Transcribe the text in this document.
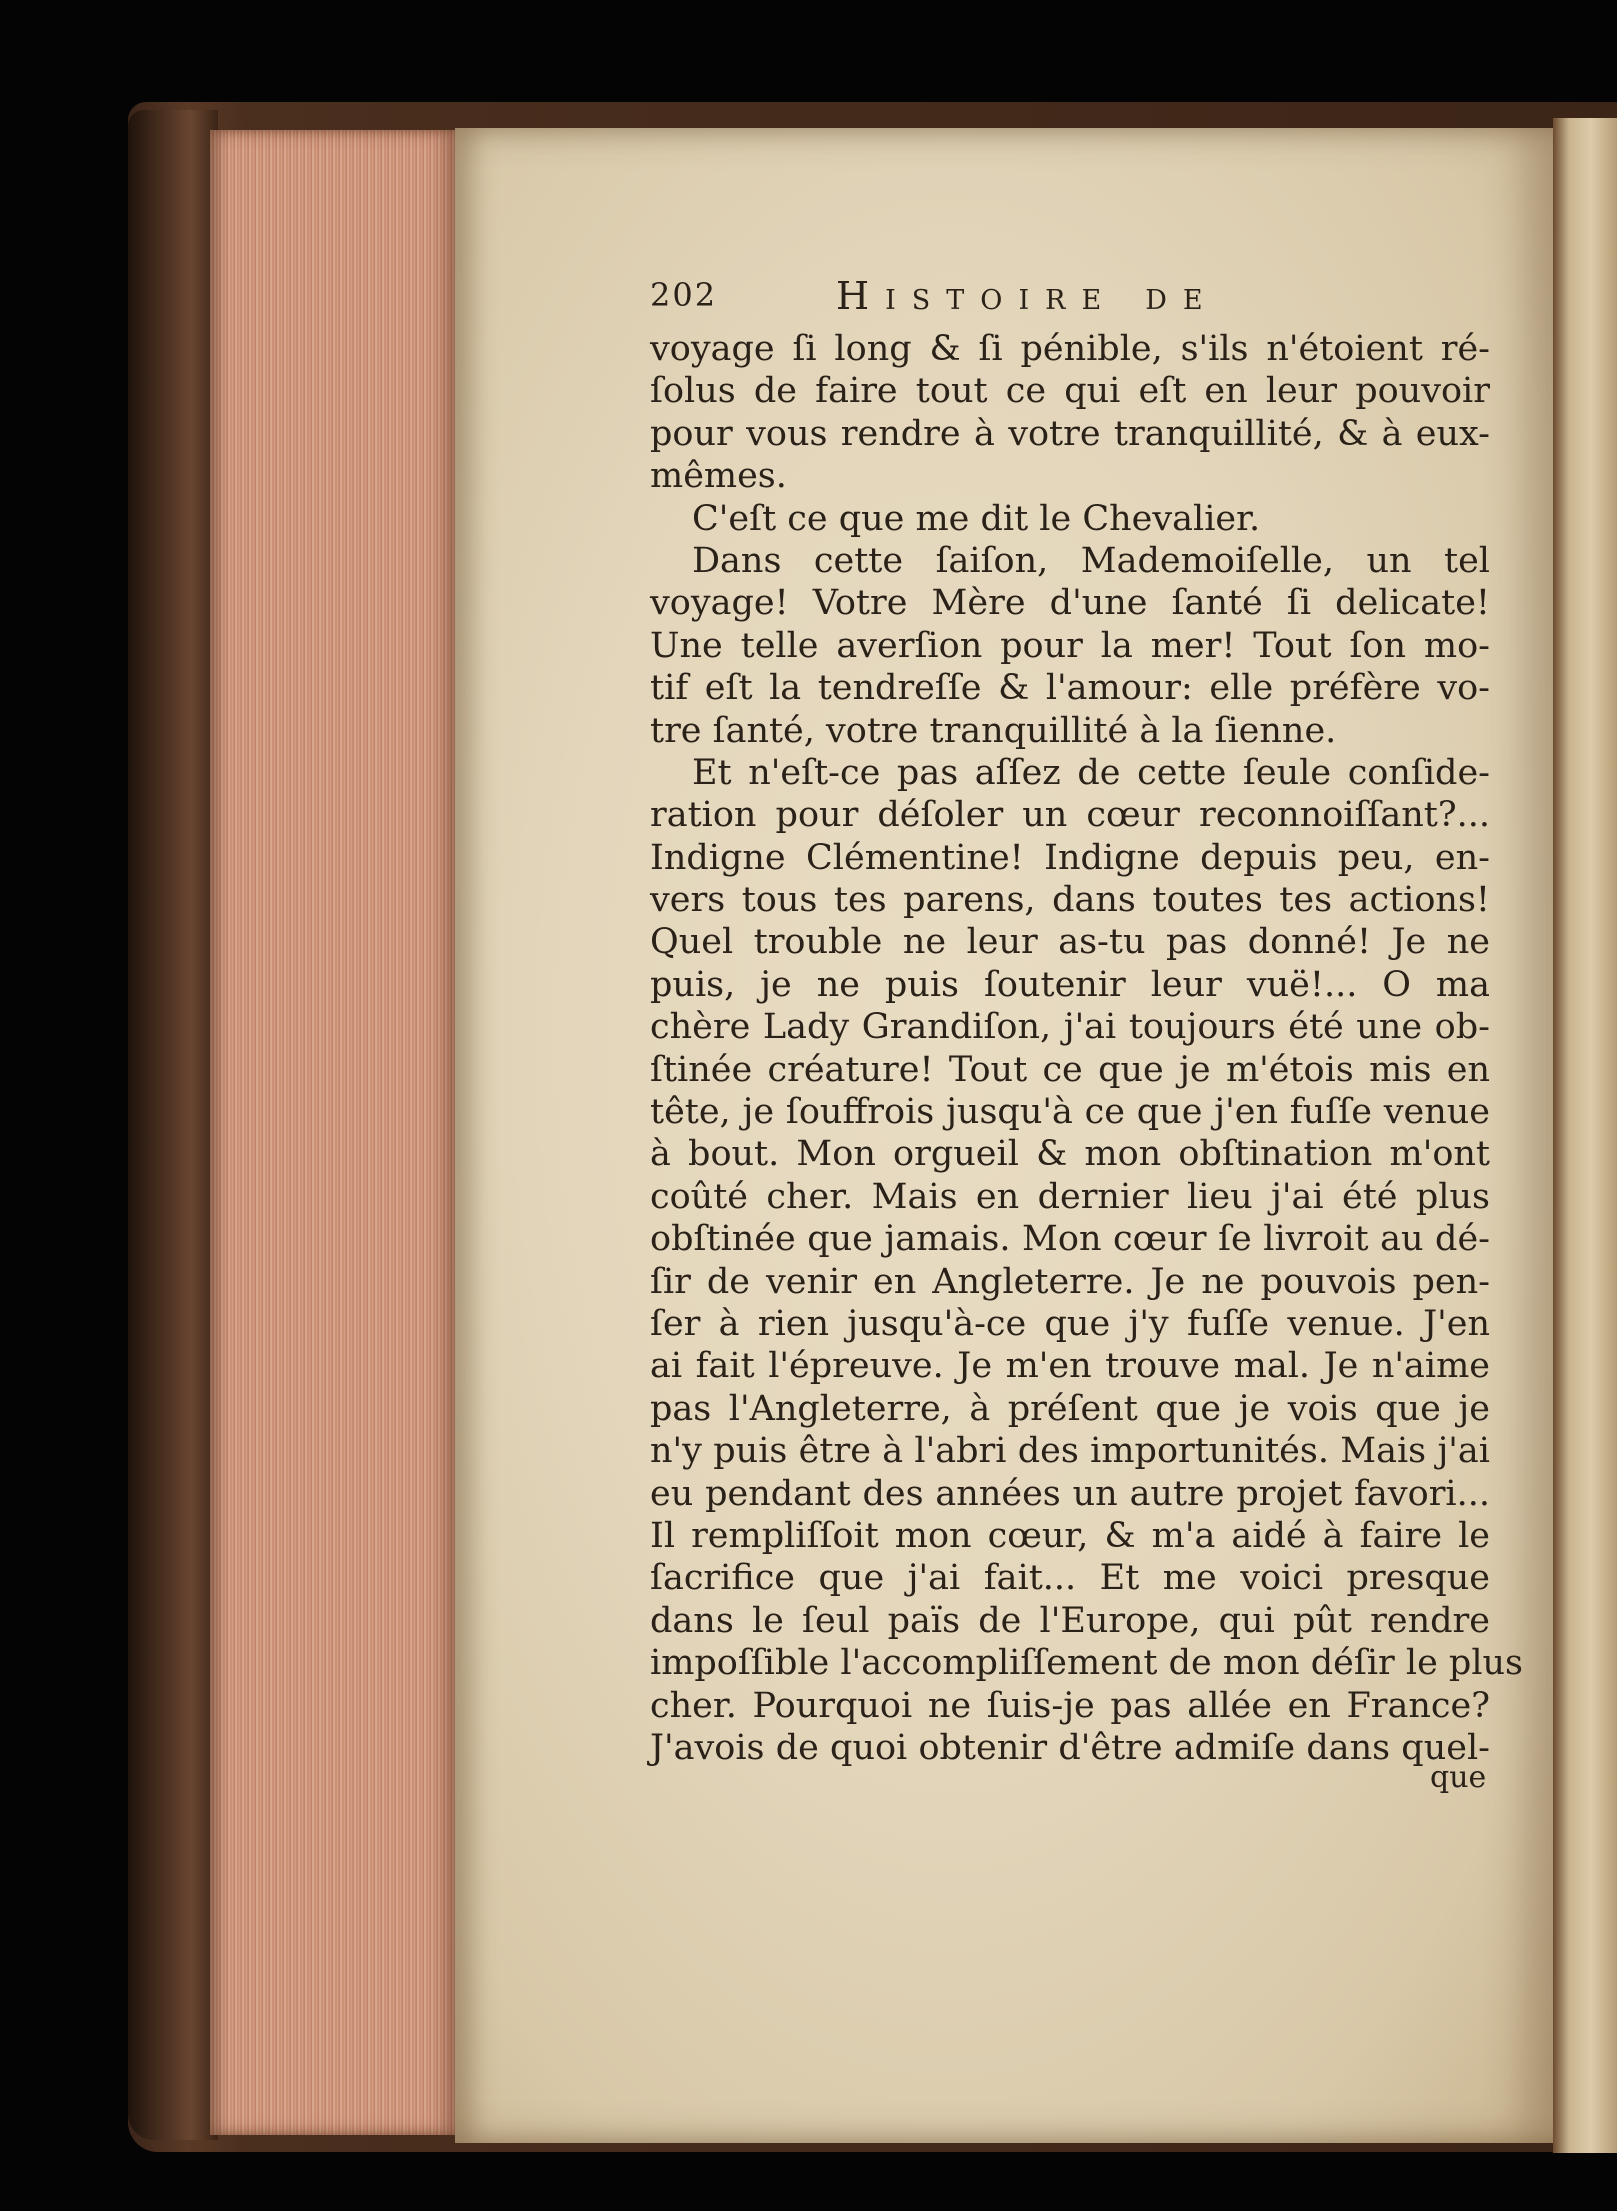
202	Histoire de
voyage ſi long & ſi pénible, s'ils n'étoient ré-
ſolus de faire tout ce qui eſt en leur pouvoir
pour vous rendre à votre tranquillité, & à eux-
mêmes.
C'eſt ce que me dit le Chevalier.
Dans cette ſaiſon, Mademoiſelle, un tel
voyage! Votre Mère d'une ſanté ſi delicate!
Une telle averſion pour la mer! Tout ſon mo-
tif eſt la tendreſſe & l'amour: elle préfère vo-
tre ſanté, votre tranquillité à la ſienne.
Et n'eſt-ce pas aſſez de cette ſeule conſide-
ration pour déſoler un cœur reconnoiſſant?...
Indigne Clémentine! Indigne depuis peu, en-
vers tous tes parens, dans toutes tes actions!
Quel trouble ne leur as-tu pas donné! Je ne
puis, je ne puis ſoutenir leur vuë!... O ma
chère Lady Grandiſon, j'ai toujours été une ob-
ſtinée créature! Tout ce que je m'étois mis en
tête, je ſouffrois jusqu'à ce que j'en fuſſe venue
à bout. Mon orgueil & mon obſtination m'ont
coûté cher. Mais en dernier lieu j'ai été plus
obſtinée que jamais. Mon cœur ſe livroit au dé-
ſir de venir en Angleterre. Je ne pouvois pen-
ſer à rien jusqu'à-ce que j'y fuſſe venue. J'en
ai fait l'épreuve. Je m'en trouve mal. Je n'aime
pas l'Angleterre, à préſent que je vois que je
n'y puis être à l'abri des importunités. Mais j'ai
eu pendant des années un autre projet favori...
Il rempliſſoit mon cœur, & m'a aidé à faire le
ſacrifice que j'ai fait... Et me voici presque
dans le ſeul païs de l'Europe, qui pût rendre
impoſſible l'accompliſſement de mon déſir le plus
cher. Pourquoi ne ſuis-je pas allée en France?
J'avois de quoi obtenir d'être admiſe dans quel-
que
